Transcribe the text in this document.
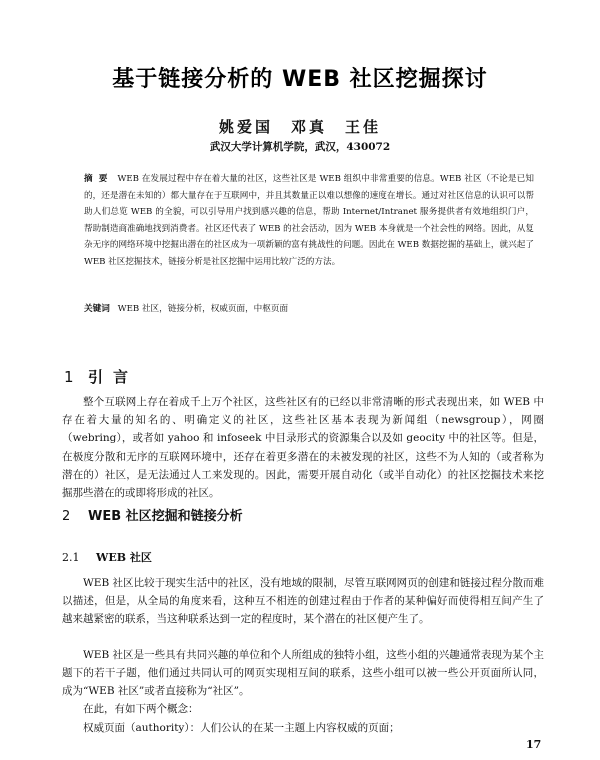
基于链接分析的 WEB 社区挖掘探讨
姚爱国　邓真　王佳
武汉大学计算机学院，武汉，430072
摘要 WEB 在发展过程中存在着大量的社区，这些社区是 WEB 组织中非常重要的信息。WEB 社区（不论是已知的，还是潜在未知的）都大量存在于互联网中，并且其数量正以难以想像的速度在增长。通过对社区信息的认识可以帮助人们总览 WEB 的全貌，可以引导用户找到感兴趣的信息，帮助 Internet/Intranet 服务提供者有效地组织门户，帮助制造商准确地找到消费者。社区还代表了 WEB 的社会活动，因为 WEB 本身就是一个社会性的网络。因此，从复杂无序的网络环境中挖掘出潜在的社区成为一项新颖的富有挑战性的问题。因此在 WEB 数据挖掘的基础上，就兴起了 WEB 社区挖掘技术，链接分析是社区挖掘中运用比较广泛的方法。
关键词 WEB 社区，链接分析，权威页面，中枢页面
1 引言
整个互联网上存在着成千上万个社区，这些社区有的已经以非常清晰的形式表现出来，如 WEB 中存在着大量的知名的、明确定义的社区，这些社区基本表现为新闻组（newsgroup），网圈（webring），或者如 yahoo 和 infoseek 中目录形式的资源集合以及如 geocity 中的社区等。但是，在极度分散和无序的互联网环境中，还存在着更多潜在的未被发现的社区，这些不为人知的（或者称为潜在的）社区，是无法通过人工来发现的。因此，需要开展自动化（或半自动化）的社区挖掘技术来挖掘那些潜在的或即将形成的社区。
2 WEB 社区挖掘和链接分析
2.1 WEB 社区
WEB 社区比较于现实生活中的社区，没有地域的限制，尽管互联网网页的创建和链接过程分散而难以描述，但是，从全局的角度来看，这种互不相连的创建过程由于作者的某种偏好而使得相互间产生了越来越紧密的联系，当这种联系达到一定的程度时，某个潜在的社区便产生了。
WEB 社区是一些具有共同兴趣的单位和个人所组成的独特小组，这些小组的兴趣通常表现为某个主题下的若干子题，他们通过共同认可的网页实现相互间的联系，这些小组可以被一些公开页面所认同，成为“WEB 社区”或者直接称为“社区”。
在此，有如下两个概念：
权威页面（authority）：人们公认的在某一主题上内容权威的页面；
17
